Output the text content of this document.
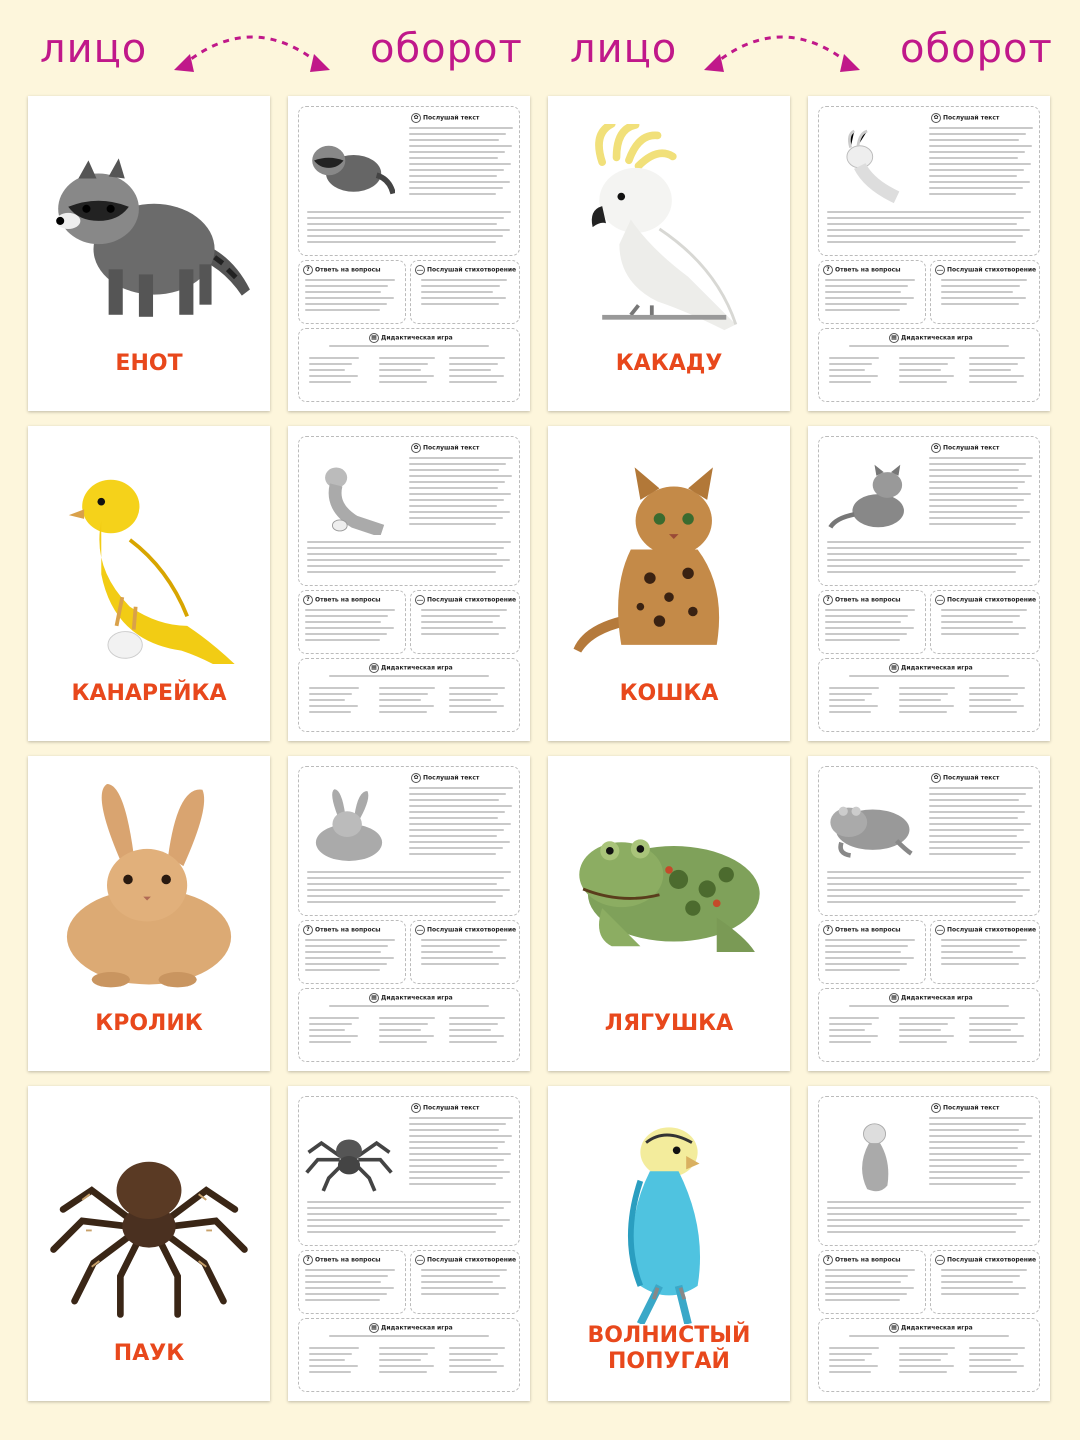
лицо	оборот лицо	оборот
ЕНОТ	КАКАДУ
КАНАРЕЙКА	КОШКА
КРОЛИК	ЛЯГУШКА
ПАУК
ВОЛНИСТЫЙ
ПОПУГАЙ
✿ Послушай текст
? Ответь на вопросы	… Послушай стихотворение
▦ Дидактическая игра
✿ Послушай текст
? Ответь на вопросы	… Послушай стихотворение
▦ Дидактическая игра
✿ Послушай текст
? Ответь на вопросы	… Послушай стихотворение
▦ Дидактическая игра
✿ Послушай текст
? Ответь на вопросы	… Послушай стихотворение
▦ Дидактическая игра
✿ Послушай текст
? Ответь на вопросы	… Послушай стихотворение
▦ Дидактическая игра
✿ Послушай текст
? Ответь на вопросы	… Послушай стихотворение
▦ Дидактическая игра
✿ Послушай текст
? Ответь на вопросы	… Послушай стихотворение
▦ Дидактическая игра
✿ Послушай текст
? Ответь на вопросы	… Послушай стихотворение
▦ Дидактическая игра
